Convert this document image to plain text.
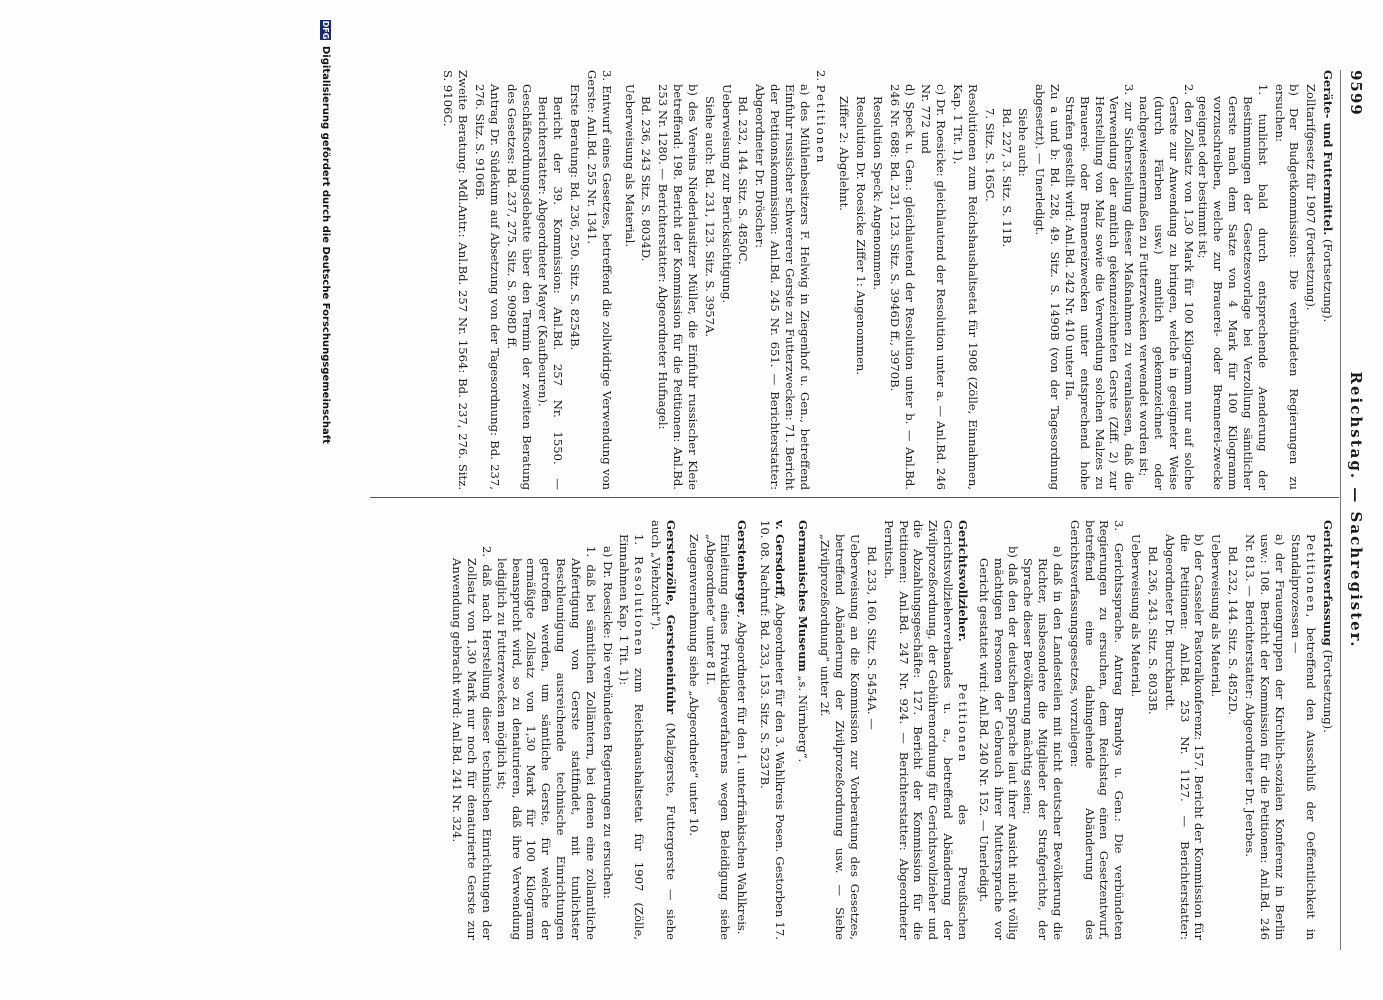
9599
Reichstag. — Sachregister.
Geräte- und Futtermittel. (Fortsetzung).
Zolltarifgesetz für 1907 (Fortsetzung).
b) Der Budgetkommission: Die verbündeten Regierungen zu ersuchen:
1. tunlichst bald durch entsprechende Aenderung der Bestimmungen der Gesetzesvorlage bei Verzollung sämtlicher Gerste nach dem Satze von 4 Mark für 100 Kilogramm vorzuschreiben, welche zur Brauerei- oder Brennerei-zwecke geeignet oder bestimmt ist;
2. den Zollsatz von 1,30 Mark für 100 Kilogramm nur auf solche Gerste zur Anwendung zu bringen, welche in geeigneter Weise (durch Färben usw.) amtlich gekennzeichnet oder nachgewiesenermaßen zu Futterzwecken verwendet worden ist;
3. zur Sicherstellung dieser Maßnahmen zu veranlassen, daß die Verwendung der amtlich gekennzeichneten Gerste (Ziff. 2) zur Herstellung von Malz sowie die Verwendung solchen Malzes zu Brauerei- oder Brennereizwecken unter entsprechend hohe Strafen gestellt wird: Anl.Bd. 242 Nr. 410 unter IIa.
Zu a und b: Bd. 228, 49. Sitz. S. 1490B (von der Tagesordnung abgesetzt). — Unerledigt.
Siehe auch:
Bd. 227, 3. Sitz. S. 11B.
7. Sitz. S. 165C.
Resolutionen zum Reichshaushaltsetat für 1908 (Zölle, Einnahmen, Kap. 1 Tit. 1).
c) Dr. Roesicke: gleichlautend der Resolution unter a. — Anl.Bd. 246 Nr. 772 und
d) Speck u. Gen.: gleichlautend der Resolution unter b. — Anl.Bd. 246 Nr. 688: Bd. 231, 123. Sitz. S. 3946D ff., 3970B.
Resolution Speck: Angenommen.
Resolution Dr. Roesicke Ziffer 1: Angenommen.
Ziffer 2: Abgelehnt.
2. Petitionen
a) des Mühlenbesitzers F. Helwig in Ziegenhof u. Gen., betreffend Einfuhr russischer schwererer Gerste zu Futterzwecken: 71. Bericht der Petitionskommission: Anl.Bd. 245 Nr. 651. — Berichterstatter: Abgeordneter Dr. Dröscher:
Bd. 232, 144. Sitz. S. 4850C.
Ueberweisung zur Berücksichtigung.
Siehe auch: Bd. 231, 123. Sitz. S. 3957A.
b) des Vereins Niederlausitzer Müller, die Einfuhr russischer Kleie betreffend: 198. Bericht der Kommission für die Petitionen: Anl.Bd. 253 Nr. 1280. — Berichterstatter: Abgeordneter Hufnagel:
Bd. 236, 243 Sitz. S. 8034D.
Ueberweisung als Material.
3. Entwurf eines Gesetzes, betreffend die zollwidrige Verwendung von Gerste: Anl.Bd. 255 Nr. 1341.
Erste Beratung: Bd. 236, 250. Sitz. S. 8254B.
Bericht der 39. Kommission: Anl.Bd. 257 Nr. 1550. — Berichterstatter: Abgeordneter Mayer (Kaufbeuren).
Geschäftsordnungsdebatte über den Termin der zweiten Beratung des Gesetzes: Bd. 237, 275. Sitz. S. 9098D ff.
Antrag Dr. Südekum auf Absetzung von der Tagesordnung: Bd. 237, 276. Sitz. S. 9106B.
Zweite Beratung: Mdl.Antr.: Anl.Bd. 257 Nr. 1564: Bd. 237, 276. Sitz. S. 9106C.
Gerichtsverfassung (Fortsetzung).
Petitionen, betreffend den Ausschluß der Oeffentlichkeit in Standalprozessen —
a) der Frauengruppen der Kirchlich-sozialen Konferenz in Berlin usw.: 108. Bericht der Kommission für die Petitionen: Anl.Bd. 246 Nr. 813. — Berichterstatter: Abgeordneter Dr. Jeerbes.
Bd. 232, 144. Sitz. S. 4852D.
Ueberweisung als Material.
b) der Casseler Pastoralkonferenz: 157. Bericht der Kommission für die Petitionen: Anl.Bd. 253 Nr. 1127. — Berichterstatter: Abgeordneter Dr. Burckhardt.
Bd. 236, 243. Sitz. S. 8033B.
Ueberweisung als Material.
3. Gerichtssprache. Antrag Brandys u. Gen.: Die verbündeten Regierungen zu ersuchen, dem Reichstag einen Gesetzentwurf, betreffend eine dahingehende Abänderung des Gerichtsverfassungsgesetzes, vorzulegen:
a) daß in den Landesteilen mit nicht deutscher Bevölkerung die Richter, insbesondere die Mitglieder der Strafgerichte, der Sprache dieser Bevölkerung mächtig seien;
b) daß den der deutschen Sprache laut ihrer Ansicht nicht völlig mächtigen Personen der Gebrauch ihrer Muttersprache vor Gericht gestattet wird: Anl.Bd. 240 Nr. 152. — Unerledigt.
Gerichtsvollzieher. Petitionen des Preußischen Gerichtsvollzieherverbandes u. a., betreffend Abänderung der Zivilprozeßordnung, der Gebührenordnung für Gerichtsvollzieher und die Abzahlungsgeschäfte: 127. Bericht der Kommission für die Petitionen: Anl.Bd. 247 Nr. 924. — Berichterstatter: Abgeordneter Pernitsch.
Bd. 233, 160. Sitz. S. 5454A. —
Ueberweisung an die Kommission zur Vorberatung des Gesetzes, betreffend Abänderung der Zivilprozeßordnung usw. — Siehe „Zivilprozeßordnung“ unter 2f.
Germanisches Museum „s. Nürnberg“.
v. Gersdorff, Abgeordneter für den 3. Wahlkreis Posen. Gestorben 17. 10. 08. Nachruf: Bd. 233, 153. Sitz. S. 5237B.
Gerstenberger, Abgeordneter für den 1. unterfränkischen Wahlkreis.
Einleitung eines Privatklageverfahrens wegen Beleidigung siehe „Abgeordnete“ unter 8 II.
Zeugenvernehmung siehe „Abgeordnete“ unter 10.
Gerstenzölle, Gersteneinfuhr (Malzgerste, Futtergerste — siehe auch „Viehzucht“).
1. Resolutionen zum Reichshaushaltsetat für 1907 (Zölle, Einnahmen Kap. 1 Tit. 1):
a) Dr. Roesicke: Die verbündeten Regierungen zu ersuchen:
1. daß bei sämtlichen Zollämtern, bei denen eine zollamtliche Abfertigung von Gerste stattfindet, mit tunlichster Beschleunigung ausreichende technische Einrichtungen getroffen werden, um sämtliche Gerste, für welche der ermäßigte Zollsatz von 1,30 Mark für 100 Kilogramm beansprucht wird, so zu denaturieren, daß ihre Verwendung lediglich zu Futterzwecken möglich ist;
2. daß nach Herstellung dieser technischen Einrichtungen der Zollsatz von 1,30 Mark nur noch für denaturierte Gerste zur Anwendung gebracht wird: Anl.Bd. 241 Nr. 324.
DFG
Digitalisierung gefördert durch die Deutsche Forschungsgemeinschaft
